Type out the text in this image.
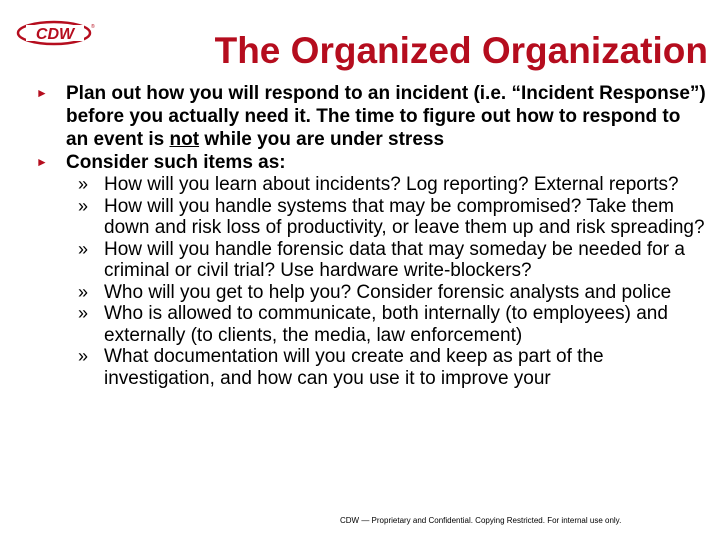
CDW	®
The Organized Organization

► Plan out how you will respond to an incident (i.e. “Incident Response”) before you actually need it. The time to figure out how to respond to an event is not while you are under stress

► Consider such items as:

» How will you learn about incidents? Log reporting? External reports?

» How will you handle systems that may be compromised? Take them down and risk loss of productivity, or leave them up and risk spreading?

» How will you handle forensic data that may someday be needed for a criminal or civil trial? Use hardware write-blockers?

» Who will you get to help you? Consider forensic analysts and police

» Who is allowed to communicate, both internally (to employees) and externally (to clients, the media, law enforcement)

» What documentation will you create and keep as part of the investigation, and how can you use it to improve your

CDW — Proprietary and Confidential. Copying Restricted. For internal use only.
